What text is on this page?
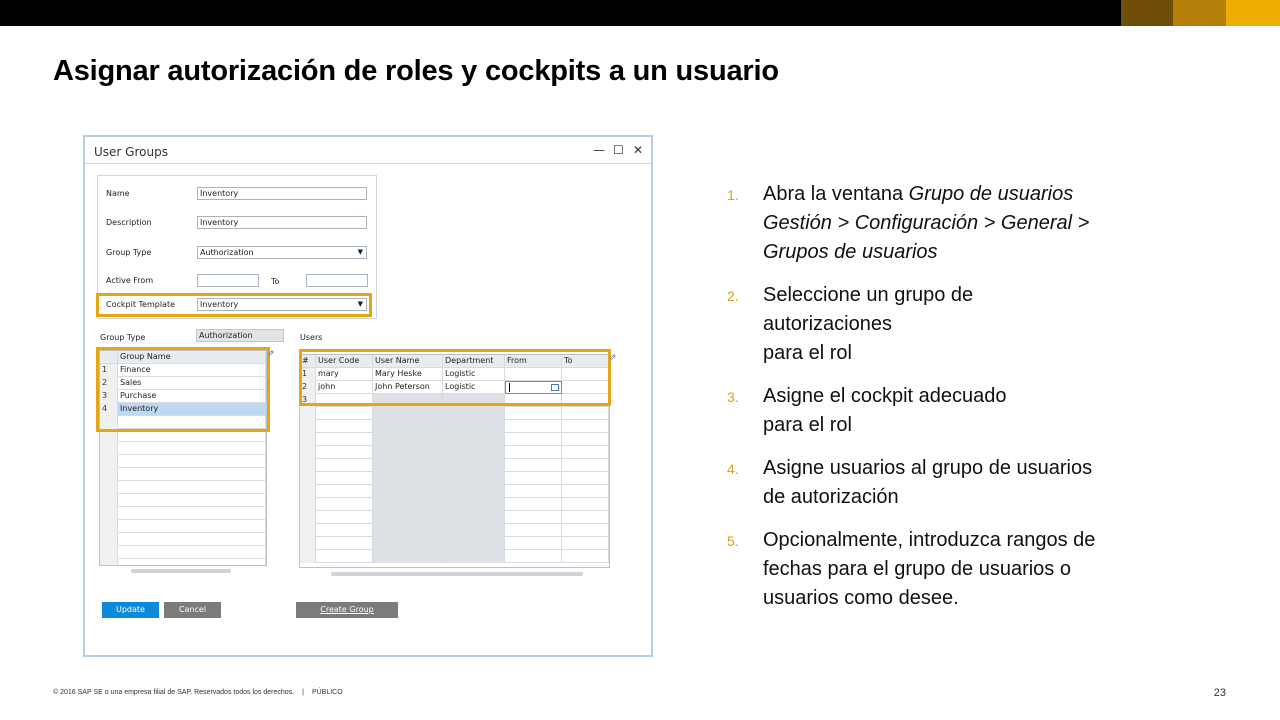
Asignar autorización de roles y cockpits a un usuario
User Groups	— ☐ ✕
Name	Inventory
Description	Inventory
Group Type	Authorization	▼
Active From	To
Cockpit Template	Inventory	▼
Group Type	Authorization
Group Name
1	Finance
2	Sales
3	Purchase
4	Inventory
⇗
Users
#	User Code	User Name	Department	From	To
1	mary	Mary Heske	Logistic
2	john	John Peterson	Logistic
3
⇗
Update	Cancel	Create Group
1.	Abra la ventana Grupo de usuarios
Gestión > Configuración > General >
Grupos de usuarios
2.	Seleccione un grupo de
autorizaciones
para el rol
3.	Asigne el cockpit adecuado
para el rol
4.	Asigne usuarios al grupo de usuarios
de autorización
5.	Opcionalmente, introduzca rangos de
fechas para el grupo de usuarios o
usuarios como desee.
© 2016 SAP SE o una empresa filial de SAP. Reservados todos los derechos. | PÚBLICO	23
